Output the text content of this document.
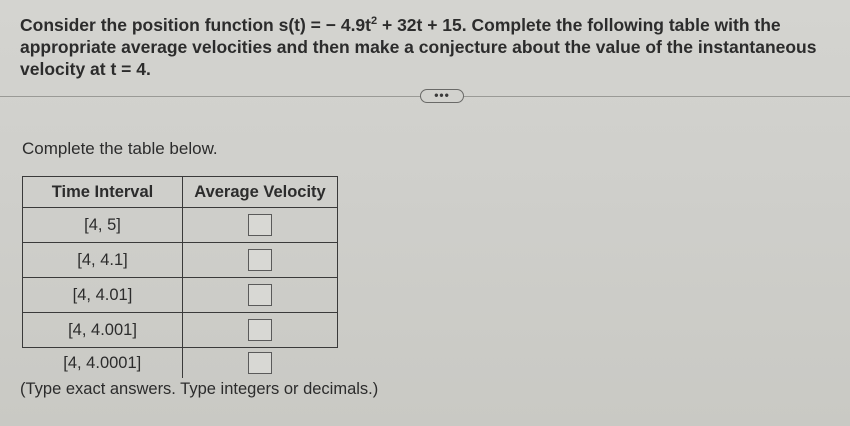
Consider the position function s(t) = − $4.9t^2 + 32t + 15$. Complete the following table with the appropriate average velocities and then make a conjecture about the value of the instantaneous velocity at t = 4.
•••
Complete the table below.
Time Interval	Average Velocity
[4, 5]	
[4, 4.1]	
[4, 4.01]	
[4, 4.001]	
[4, 4.0001]	
(Type exact answers. Type integers or decimals.)
